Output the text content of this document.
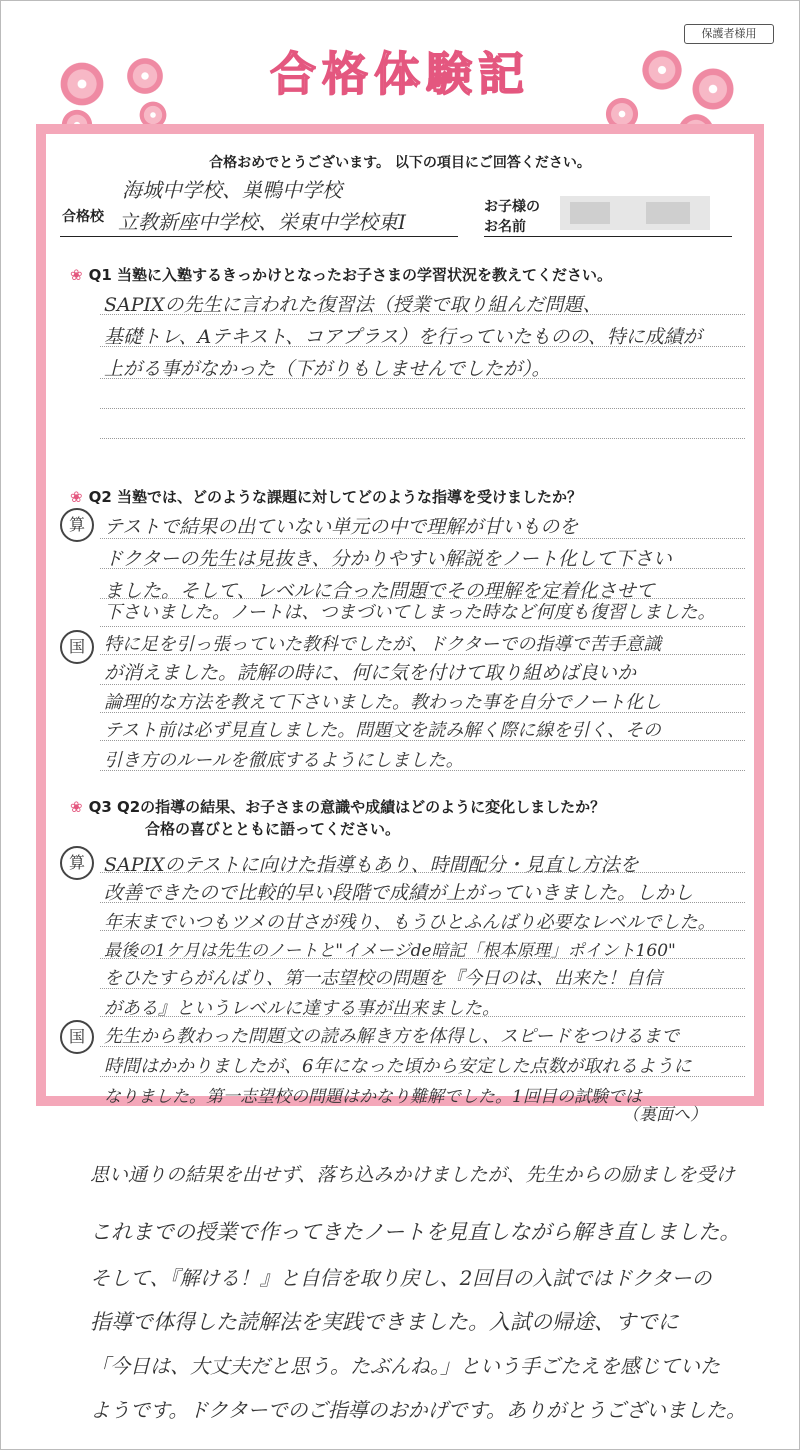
保護者様用
合格体験記
合格おめでとうございます。 以下の項目にご回答ください。
合格校
海城中学校、巣鴨中学校
立教新座中学校、栄東中学校東Ⅰ
お子様の
お名前
❀ Q1 当塾に入塾するきっかけとなったお子さまの学習状況を教えてください。
SAPIXの先生に言われた復習法（授業で取り組んだ問題、
基礎トレ、Aテキスト、コアプラス）を行っていたものの、特に成績が
上がる事がなかった（下がりもしませんでしたが）。
❀ Q2 当塾では、どのような課題に対してどのような指導を受けましたか？
算	テストで結果の出ていない単元の中で理解が甘いものを
ドクターの先生は見抜き、分かりやすい解説をノート化して下さい
ました。そして、レベルに合った問題でその理解を定着化させて
下さいました。ノートは、つまづいてしまった時など何度も復習しました。
国	特に足を引っ張っていた教科でしたが、ドクターでの指導で苦手意識
が消えました。読解の時に、何に気を付けて取り組めば良いか
論理的な方法を教えて下さいました。教わった事を自分でノート化し
テスト前は必ず見直しました。問題文を読み解く際に線を引く、その
引き方のルールを徹底するようにしました。
❀ Q3 Q2の指導の結果、お子さまの意識や成績はどのように変化しましたか？
合格の喜びとともに語ってください。
算	SAPIXのテストに向けた指導もあり、時間配分・見直し方法を
改善できたので比較的早い段階で成績が上がっていきました。しかし
年末までいつもツメの甘さが残り、もうひとふんばり必要なレベルでした。
最後の1ケ月は先生のノートと"イメージde暗記「根本原理」ポイント160"
をひたすらがんばり、第一志望校の問題を『今日のは、出来た！自信
がある』というレベルに達する事が出来ました。
国	先生から教わった問題文の読み解き方を体得し、スピードをつけるまで
時間はかかりましたが、6年になった頃から安定した点数が取れるように
なりました。第一志望校の問題はかなり難解でした。1回目の試験では
（裏面へ）
思い通りの結果を出せず、落ち込みかけましたが、先生からの励ましを受け
これまでの授業で作ってきたノートを見直しながら解き直しました。
そして、『解ける！』と自信を取り戻し、2回目の入試ではドクターの
指導で体得した読解法を実践できました。入試の帰途、すでに
「今日は、大丈夫だと思う。たぶんね。」という手ごたえを感じていた
ようです。ドクターでのご指導のおかげです。ありがとうございました。
